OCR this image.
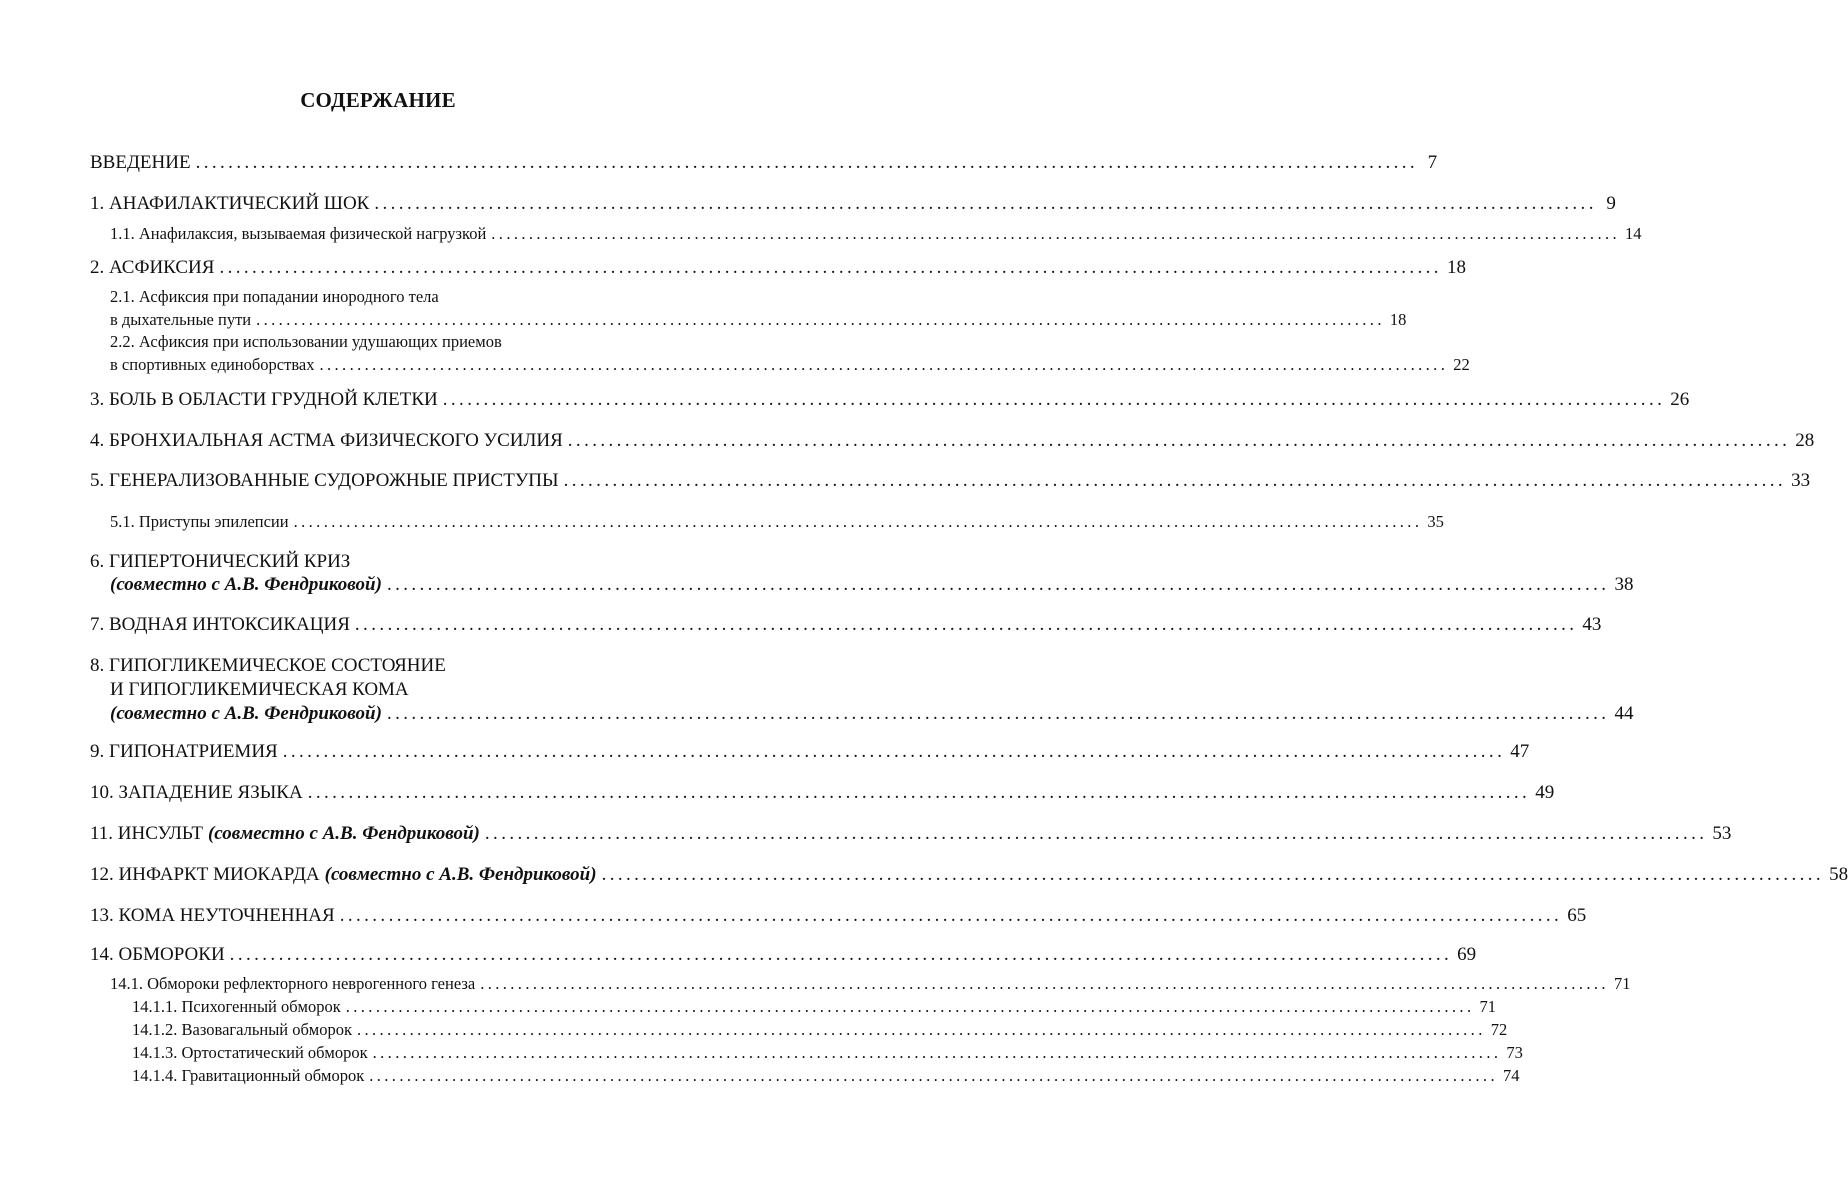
СОДЕРЖАНИЕ
ВВЕДЕНИЕ ...................................................................................................................................................... 7
1. АНАФИЛАКТИЧЕСКИЙ ШОК ...................................................................................................................................................... 9
1.1. Анафилаксия, вызываемая физической нагрузкой ...................................................................................................................................................... 14
2. АСФИКСИЯ ...................................................................................................................................................... 18
2.1. Асфиксия при попадании инородного тела
в дыхательные пути ...................................................................................................................................................... 18
2.2. Асфиксия при использовании удушающих приемов
в спортивных единоборствах ...................................................................................................................................................... 22
3. БОЛЬ В ОБЛАСТИ ГРУДНОЙ КЛЕТКИ ...................................................................................................................................................... 26
4. БРОНХИАЛЬНАЯ АСТМА ФИЗИЧЕСКОГО УСИЛИЯ ...................................................................................................................................................... 28
5. ГЕНЕРАЛИЗОВАННЫЕ СУДОРОЖНЫЕ ПРИСТУПЫ ...................................................................................................................................................... 33
5.1. Приступы эпилепсии ...................................................................................................................................................... 35
6. ГИПЕРТОНИЧЕСКИЙ КРИЗ
(совместно с А.В. Фендриковой) ...................................................................................................................................................... 38
7. ВОДНАЯ ИНТОКСИКАЦИЯ ...................................................................................................................................................... 43
8. ГИПОГЛИКЕМИЧЕСКОЕ СОСТОЯНИЕ
И ГИПОГЛИКЕМИЧЕСКАЯ КОМА
(совместно с А.В. Фендриковой) ...................................................................................................................................................... 44
9. ГИПОНАТРИЕМИЯ ...................................................................................................................................................... 47
10. ЗАПАДЕНИЕ ЯЗЫКА ...................................................................................................................................................... 49
11. ИНСУЛЬТ (совместно с А.В. Фендриковой) ...................................................................................................................................................... 53
12. ИНФАРКТ МИОКАРДА (совместно с А.В. Фендриковой) ...................................................................................................................................................... 58
13. КОМА НЕУТОЧНЕННАЯ ...................................................................................................................................................... 65
14. ОБМОРОКИ ...................................................................................................................................................... 69
14.1. Обмороки рефлекторного неврогенного генеза ...................................................................................................................................................... 71
14.1.1. Психогенный обморок ...................................................................................................................................................... 71
14.1.2. Вазовагальный обморок ...................................................................................................................................................... 72
14.1.3. Ортостатический обморок ...................................................................................................................................................... 73
14.1.4. Гравитационный обморок ...................................................................................................................................................... 74
